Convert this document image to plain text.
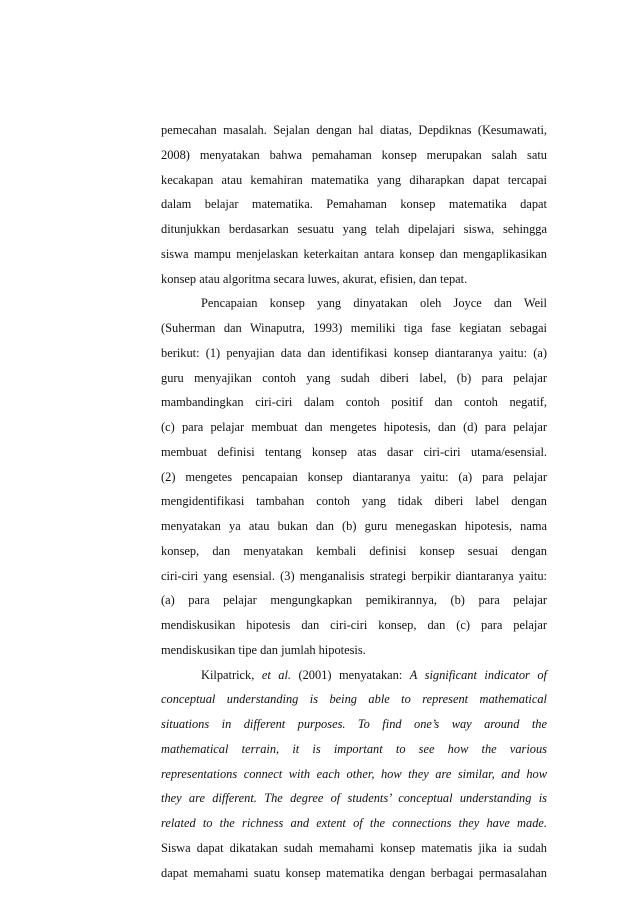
pemecahan masalah. Sejalan dengan hal diatas, Depdiknas (Kesumawati,
2008) menyatakan bahwa pemahaman konsep merupakan salah satu
kecakapan atau kemahiran matematika yang diharapkan dapat tercapai
dalam belajar matematika. Pemahaman konsep matematika dapat
ditunjukkan berdasarkan sesuatu yang telah dipelajari siswa, sehingga
siswa mampu menjelaskan keterkaitan antara konsep dan mengaplikasikan
konsep atau algoritma secara luwes, akurat, efisien, dan tepat.
Pencapaian konsep yang dinyatakan oleh Joyce dan Weil
(Suherman dan Winaputra, 1993) memiliki tiga fase kegiatan sebagai
berikut: (1) penyajian data dan identifikasi konsep diantaranya yaitu: (a)
guru menyajikan contoh yang sudah diberi label, (b) para pelajar
mambandingkan ciri-ciri dalam contoh positif dan contoh negatif,
(c) para pelajar membuat dan mengetes hipotesis, dan (d) para pelajar
membuat definisi tentang konsep atas dasar ciri-ciri utama/esensial.
(2) mengetes pencapaian konsep diantaranya yaitu: (a) para pelajar
mengidentifikasi tambahan contoh yang tidak diberi label dengan
menyatakan ya atau bukan dan (b) guru menegaskan hipotesis, nama
konsep, dan menyatakan kembali definisi konsep sesuai dengan
ciri-ciri yang esensial. (3) menganalisis strategi berpikir diantaranya yaitu:
(a) para pelajar mengungkapkan pemikirannya, (b) para pelajar
mendiskusikan hipotesis dan ciri-ciri konsep, dan (c) para pelajar
mendiskusikan tipe dan jumlah hipotesis.
Kilpatrick, et al. (2001) menyatakan: A significant indicator of
conceptual understanding is being able to represent mathematical
situations in different purposes. To find one’s way around the
mathematical terrain, it is important to see how the various
representations connect with each other, how they are similar, and how
they are different. The degree of students’ conceptual understanding is
related to the richness and extent of the connections they have made.
Siswa dapat dikatakan sudah memahami konsep matematis jika ia sudah
dapat memahami suatu konsep matematika dengan berbagai permasalahan
